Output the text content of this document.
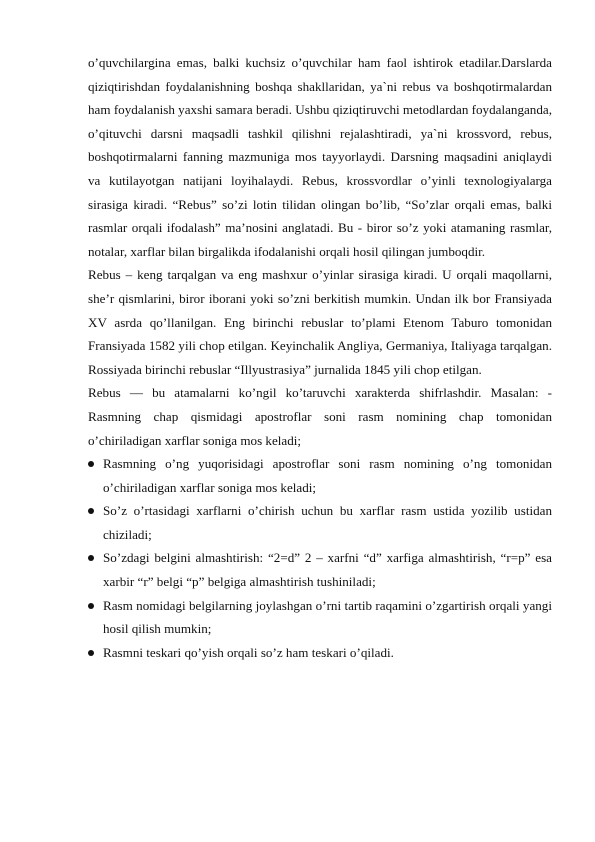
o’quvchilargina emas, balki kuchsiz o’quvchilar ham faol ishtirok etadilar.Darslarda qiziqtirishdan foydalanishning boshqa shakllaridan, ya`ni rebus va boshqotirmalardan ham foydalanish yaxshi samara beradi. Ushbu qiziqtiruvchi metodlardan foydalanganda, o’qituvchi darsni maqsadli tashkil qilishni rejalashtiradi, ya`ni krossvord, rebus, boshqotirmalarni fanning mazmuniga mos tayyorlaydi. Darsning maqsadini aniqlaydi va kutilayotgan natijani loyihalaydi. Rebus, krossvordlar o’yinli texnologiyalarga sirasiga kiradi. “Rebus” so’zi lotin tilidan olingan bo’lib, “So’zlar orqali emas, balki rasmlar orqali ifodalash” ma’nosini anglatadi. Bu - biror so’z yoki atamaning rasmlar, notalar, xarflar bilan birgalikda ifodalanishi orqali hosil qilingan jumboqdir.

Rebus – keng tarqalgan va eng mashxur o’yinlar sirasiga kiradi. U orqali maqollarni, she’r qismlarini, biror iborani yoki so’zni berkitish mumkin. Undan ilk bor Fransiyada XV asrda qo’llanilgan. Eng birinchi rebuslar to’plami Etenom Taburo tomonidan Fransiyada 1582 yili chop etilgan. Keyinchalik Angliya, Germaniya, Italiyaga tarqalgan. Rossiyada birinchi rebuslar “Illyustrasiya” jurnalida 1845 yili chop etilgan.

Rebus — bu atamalarni ko’ngil ko’taruvchi xarakterda shifrlashdir. Masalan: - Rasmning chap qismidagi apostroflar soni rasm nomining chap tomonidan o’chiriladigan xarflar soniga mos keladi;

Rasmning o’ng yuqorisidagi apostroflar soni rasm nomining o’ng tomonidan o’chiriladigan xarflar soniga mos keladi;
So’z o’rtasidagi xarflarni o’chirish uchun bu xarflar rasm ustida yozilib ustidan chiziladi;
So’zdagi belgini almashtirish: “2=d” 2 – xarfni “d” xarfiga almashtirish, “r=p” esa xarbir “r” belgi “p” belgiga almashtirish tushiniladi;
Rasm nomidagi belgilarning joylashgan o’rni tartib raqamini o’zgartirish orqali yangi hosil qilish mumkin;
Rasmni teskari qo’yish orqali so’z ham teskari o’qiladi.
